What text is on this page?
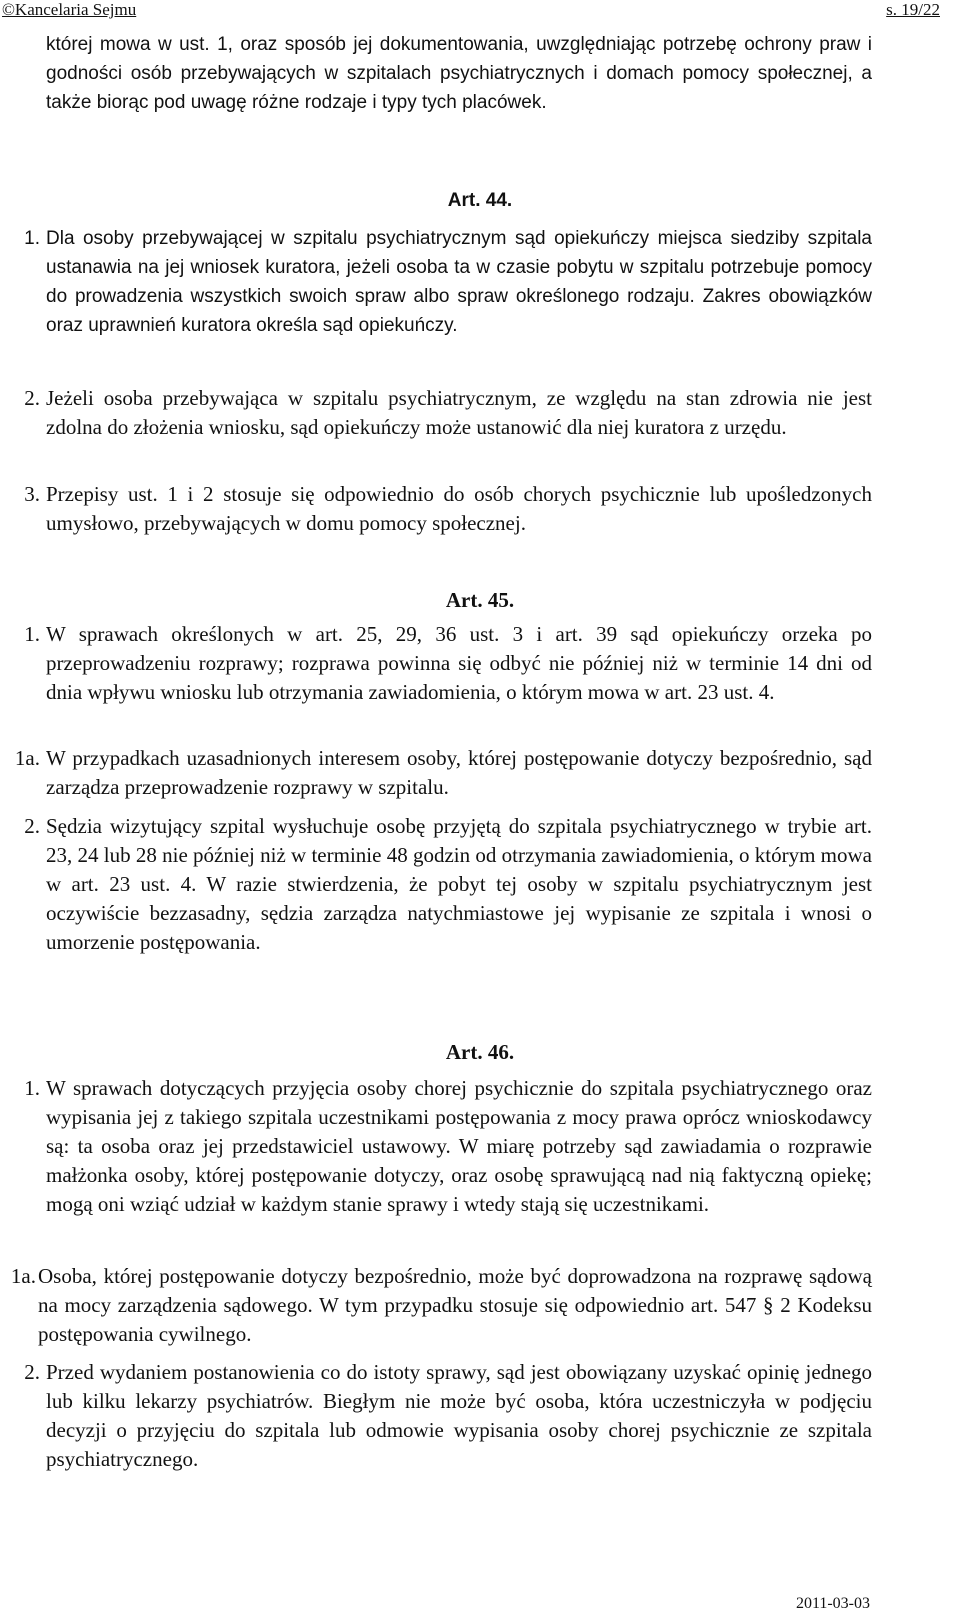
©Kancelaria Sejmu	s. 19/22

której mowa w ust. 1, oraz sposób jej dokumentowania, uwzględniając potrzebę ochrony praw i godności osób przebywających w szpitalach psychiatrycznych i domach pomocy społecznej, a także biorąc pod uwagę różne rodzaje i typy tych placówek.

Art. 44.
1. Dla osoby przebywającej w szpitalu psychiatrycznym sąd opiekuńczy miejsca siedziby szpitala ustanawia na jej wniosek kuratora, jeżeli osoba ta w czasie pobytu w szpitalu potrzebuje pomocy do prowadzenia wszystkich swoich spraw albo spraw określonego rodzaju. Zakres obowiązków oraz uprawnień kuratora określa sąd opiekuńczy.

2. Jeżeli osoba przebywająca w szpitalu psychiatrycznym, ze względu na stan zdrowia nie jest zdolna do złożenia wniosku, sąd opiekuńczy może ustanowić dla niej kuratora z urzędu.

3. Przepisy ust. 1 i 2 stosuje się odpowiednio do osób chorych psychicznie lub upośledzonych umysłowo, przebywających w domu pomocy społecznej.

Art. 45.
1. W sprawach określonych w art. 25, 29, 36 ust. 3 i art. 39 sąd opiekuńczy orzeka po przeprowadzeniu rozprawy; rozprawa powinna się odbyć nie później niż w terminie 14 dni od dnia wpływu wniosku lub otrzymania zawiadomienia, o którym mowa w art. 23 ust. 4.

1a. W przypadkach uzasadnionych interesem osoby, której postępowanie dotyczy bezpośrednio, sąd zarządza przeprowadzenie rozprawy w szpitalu.

2. Sędzia wizytujący szpital wysłuchuje osobę przyjętą do szpitala psychiatrycznego w trybie art. 23, 24 lub 28 nie później niż w terminie 48 godzin od otrzymania zawiadomienia, o którym mowa w art. 23 ust. 4. W razie stwierdzenia, że pobyt tej osoby w szpitalu psychiatrycznym jest oczywiście bezzasadny, sędzia zarządza natychmiastowe jej wypisanie ze szpitala i wnosi o umorzenie postępowania.

Art. 46.
1. W sprawach dotyczących przyjęcia osoby chorej psychicznie do szpitala psychiatrycznego oraz wypisania jej z takiego szpitala uczestnikami postępowania z mocy prawa oprócz wnioskodawcy są: ta osoba oraz jej przedstawiciel ustawowy. W miarę potrzeby sąd zawiadamia o rozprawie małżonka osoby, której postępowanie dotyczy, oraz osobę sprawującą nad nią faktyczną opiekę; mogą oni wziąć udział w każdym stanie sprawy i wtedy stają się uczestnikami.

1a. Osoba, której postępowanie dotyczy bezpośrednio, może być doprowadzona na rozprawę sądową na mocy zarządzenia sądowego. W tym przypadku stosuje się odpowiednio art. 547 § 2 Kodeksu postępowania cywilnego.

2. Przed wydaniem postanowienia co do istoty sprawy, sąd jest obowiązany uzyskać opinię jednego lub kilku lekarzy psychiatrów. Biegłym nie może być osoba, która uczestniczyła w podjęciu decyzji o przyjęciu do szpitala lub odmowie wypisania osoby chorej psychicznie ze szpitala psychiatrycznego.

2011-03-03
